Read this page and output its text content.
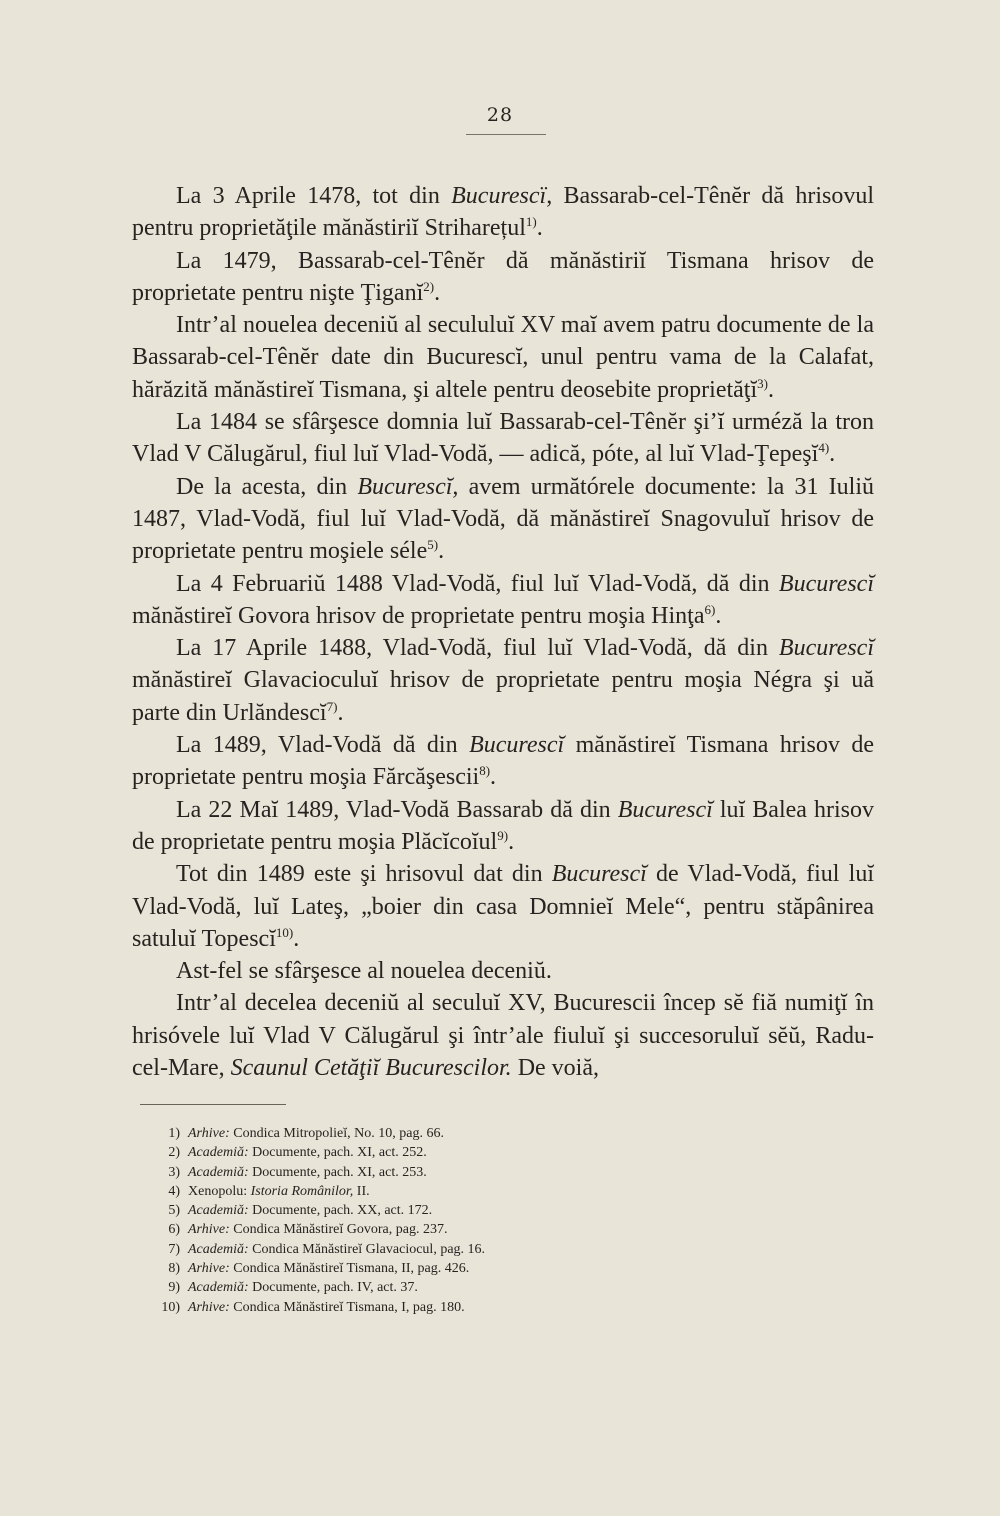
28

La 3 Aprile 1478, tot din Bucurescï, Bassarab-cel-Tênĕr dă hrisovul pentru proprietăţile mănăstiriĭ Striharețul$^{1)}$.

La 1479, Bassarab-cel-Tênĕr dă mănăstiriĭ Tismana hrisov de proprietate pentru nişte Ţiganĭ$^{2)}$.

Intr’al nouelea deceniŭ al secululuĭ XV maĭ avem patru documente de la Bassarab-cel-Tênĕr date din Bucurescĭ, unul pentru vama de la Calafat, hărăzită mănăstireĭ Tismana, şi altele pentru deosebite proprietăţĭ$^{3)}$.

La 1484 se sfârşesce domnia luĭ Bassarab-cel-Tênĕr şi’ĭ urméză la tron Vlad V Călugărul, fiul luĭ Vlad-Vodă, — adică, póte, al luĭ Vlad-Ţepeşĭ$^{4)}$.

De la acesta, din Bucurescĭ, avem următórele documente: la 31 Iuliŭ 1487, Vlad-Vodă, fiul luĭ Vlad-Vodă, dă mănăstireĭ Snagovuluĭ hrisov de proprietate pentru moşiele séle$^{5)}$.

La 4 Februariŭ 1488 Vlad-Vodă, fiul luĭ Vlad-Vodă, dă din Bucurescĭ mănăstireĭ Govora hrisov de proprietate pentru moşia Hinţa$^{6)}$.

La 17 Aprile 1488, Vlad-Vodă, fiul luĭ Vlad-Vodă, dă din Bucurescĭ mănăstireĭ Glavacioculuĭ hrisov de proprietate pentru moşia Négra şi uă parte din Urlăndescĭ$^{7)}$.

La 1489, Vlad-Vodă dă din Bucurescĭ mănăstireĭ Tismana hrisov de proprietate pentru moşia Fărcăşescii$^{8)}$.

La 22 Maĭ 1489, Vlad-Vodă Bassarab dă din Bucurescĭ luĭ Balea hrisov de proprietate pentru moşia Plăcĭcoĭul$^{9)}$.

Tot din 1489 este şi hrisovul dat din Bucurescĭ de Vlad-Vodă, fiul luĭ Vlad-Vodă, luĭ Lateş, „boier din casa Domnieĭ Mele“, pentru stăpânirea satuluĭ Topescĭ$^{10)}$.

Ast-fel se sfârşesce al nouelea deceniŭ.

Intr’al decelea deceniŭ al seculuĭ XV, Bucurescii încep sĕ fiă numiţĭ în hrisóvele luĭ Vlad V Călugărul şi într’ale fiuluĭ şi succesoruluĭ sĕŭ, Radu-cel-Mare, Scaunul Cetăţiĭ Bucurescilor. De voiă,

1) Arhive: Condica Mitropolieĭ, No. 10, pag. 66.
2) Academiă: Documente, pach. XI, act. 252.
3) Academiă: Documente, pach. XI, act. 253.
4) Xenopolu: Istoria Românilor, II.
5) Academiă: Documente, pach. XX, act. 172.
6) Arhive: Condica Mănăstireĭ Govora, pag. 237.
7) Academiă: Condica Mănăstireĭ Glavaciocul, pag. 16.
8) Arhive: Condica Mănăstireĭ Tismana, II, pag. 426.
9) Academiă: Documente, pach. IV, act. 37.
10) Arhive: Condica Mănăstireĭ Tismana, I, pag. 180.
